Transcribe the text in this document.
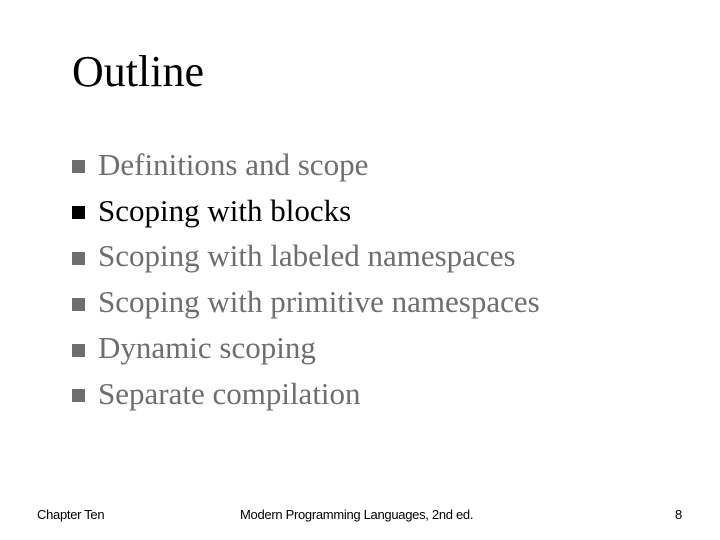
Outline
Definitions and scope
Scoping with blocks
Scoping with labeled namespaces
Scoping with primitive namespaces
Dynamic scoping
Separate compilation
Chapter Ten	Modern Programming Languages, 2nd ed.	8
